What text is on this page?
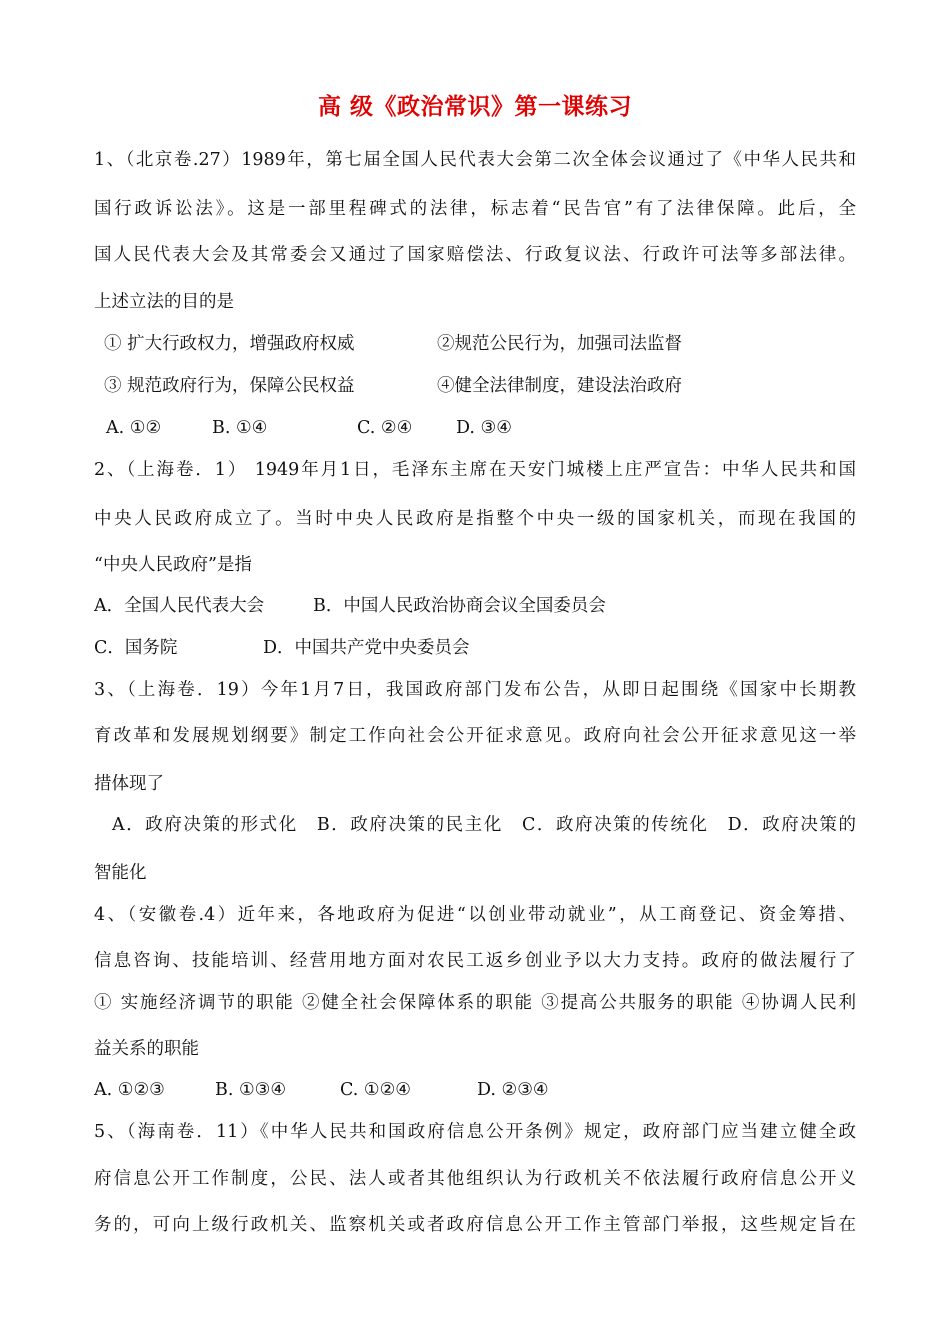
高 级《政治常识》第一课练习
1、（北京卷.27）1989年，第七届全国人民代表大会第二次全体会议通过了《中华人民共和
国行政诉讼法》。这是一部里程碑式的法律，标志着“民告官”有了法律保障。此后，全
国人民代表大会及其常委会又通过了国家赔偿法、行政复议法、行政许可法等多部法律。
上述立法的目的是
① 扩大行政权力，增强政府权威	②规范公民行为，加强司法监督
③ 规范政府行为，保障公民权益	④健全法律制度，建设法治政府
A. ①②	B. ①④	C. ②④ D. ③④
2、（上海卷．1） 1949年月1日，毛泽东主席在天安门城楼上庄严宣告：中华人民共和国
中央人民政府成立了。当时中央人民政府是指整个中央一级的国家机关，而现在我国的
“中央人民政府”是指
A．全国人民代表大会	B．中国人民政治协商会议全国委员会
C．国务院	D．中国共产党中央委员会
3、（上海卷．19）今年1月7日，我国政府部门发布公告，从即日起围绕《国家中长期教
育改革和发展规划纲要》制定工作向社会公开征求意见。政府向社会公开征求意见这一举
措体现了
A．政府决策的形式化　B．政府决策的民主化　C．政府决策的传统化　D．政府决策的
智能化
4、（安徽卷.4）近年来，各地政府为促进“以创业带动就业”，从工商登记、资金筹措、
信息咨询、技能培训、经营用地方面对农民工返乡创业予以大力支持。政府的做法履行了
① 实施经济调节的职能 ②健全社会保障体系的职能 ③提高公共服务的职能 ④协调人民利
益关系的职能
A. ①②③	B. ①③④	C. ①②④	D. ②③④
5、（海南卷．11）《中华人民共和国政府信息公开条例》规定，政府部门应当建立健全政
府信息公开工作制度，公民、法人或者其他组织认为行政机关不依法履行政府信息公开义
务的，可向上级行政机关、监察机关或者政府信息公开工作主管部门举报，这些规定旨在
